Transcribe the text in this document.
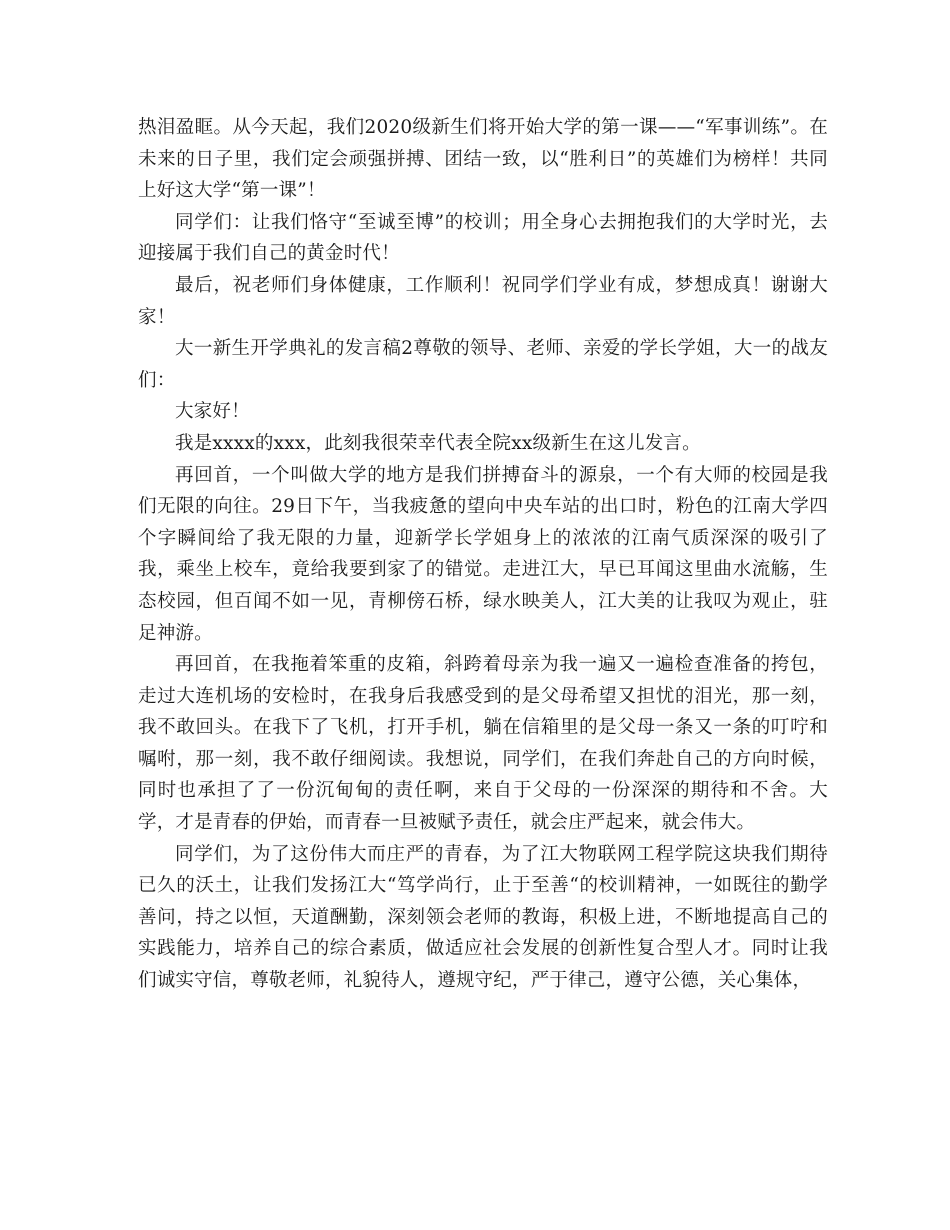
热泪盈眶。从今天起，我们2020级新生们将开始大学的第一课——“军事训练”。在未来的日子里，我们定会顽强拼搏、团结一致，以“胜利日”的英雄们为榜样！共同上好这大学“第一课”！

同学们：让我们恪守“至诚至博”的校训；用全身心去拥抱我们的大学时光，去迎接属于我们自己的黄金时代！

最后，祝老师们身体健康，工作顺利！祝同学们学业有成，梦想成真！谢谢大家！

大一新生开学典礼的发言稿2尊敬的领导、老师、亲爱的学长学姐，大一的战友们：

大家好！

我是xxxx的xxx，此刻我很荣幸代表全院xx级新生在这儿发言。

再回首，一个叫做大学的地方是我们拼搏奋斗的源泉，一个有大师的校园是我们无限的向往。29日下午，当我疲惫的望向中央车站的出口时，粉色的江南大学四个字瞬间给了我无限的力量，迎新学长学姐身上的浓浓的江南气质深深的吸引了我，乘坐上校车，竟给我要到家了的错觉。走进江大，早已耳闻这里曲水流觞，生态校园，但百闻不如一见，青柳傍石桥，绿水映美人，江大美的让我叹为观止，驻足神游。

再回首，在我拖着笨重的皮箱，斜跨着母亲为我一遍又一遍检查准备的挎包，走过大连机场的安检时，在我身后我感受到的是父母希望又担忧的泪光，那一刻，我不敢回头。在我下了飞机，打开手机，躺在信箱里的是父母一条又一条的叮咛和嘱咐，那一刻，我不敢仔细阅读。我想说，同学们，在我们奔赴自己的方向时候，同时也承担了了一份沉甸甸的责任啊，来自于父母的一份深深的期待和不舍。大学，才是青春的伊始，而青春一旦被赋予责任，就会庄严起来，就会伟大。

同学们，为了这份伟大而庄严的青春，为了江大物联网工程学院这块我们期待已久的沃土，让我们发扬江大“笃学尚行，止于至善“的校训精神，一如既往的勤学善问，持之以恒，天道酬勤，深刻领会老师的教诲，积极上进，不断地提高自己的实践能力，培养自己的综合素质，做适应社会发展的创新性复合型人才。同时让我们诚实守信，尊敬老师，礼貌待人，遵规守纪，严于律己，遵守公德，关心集体，
